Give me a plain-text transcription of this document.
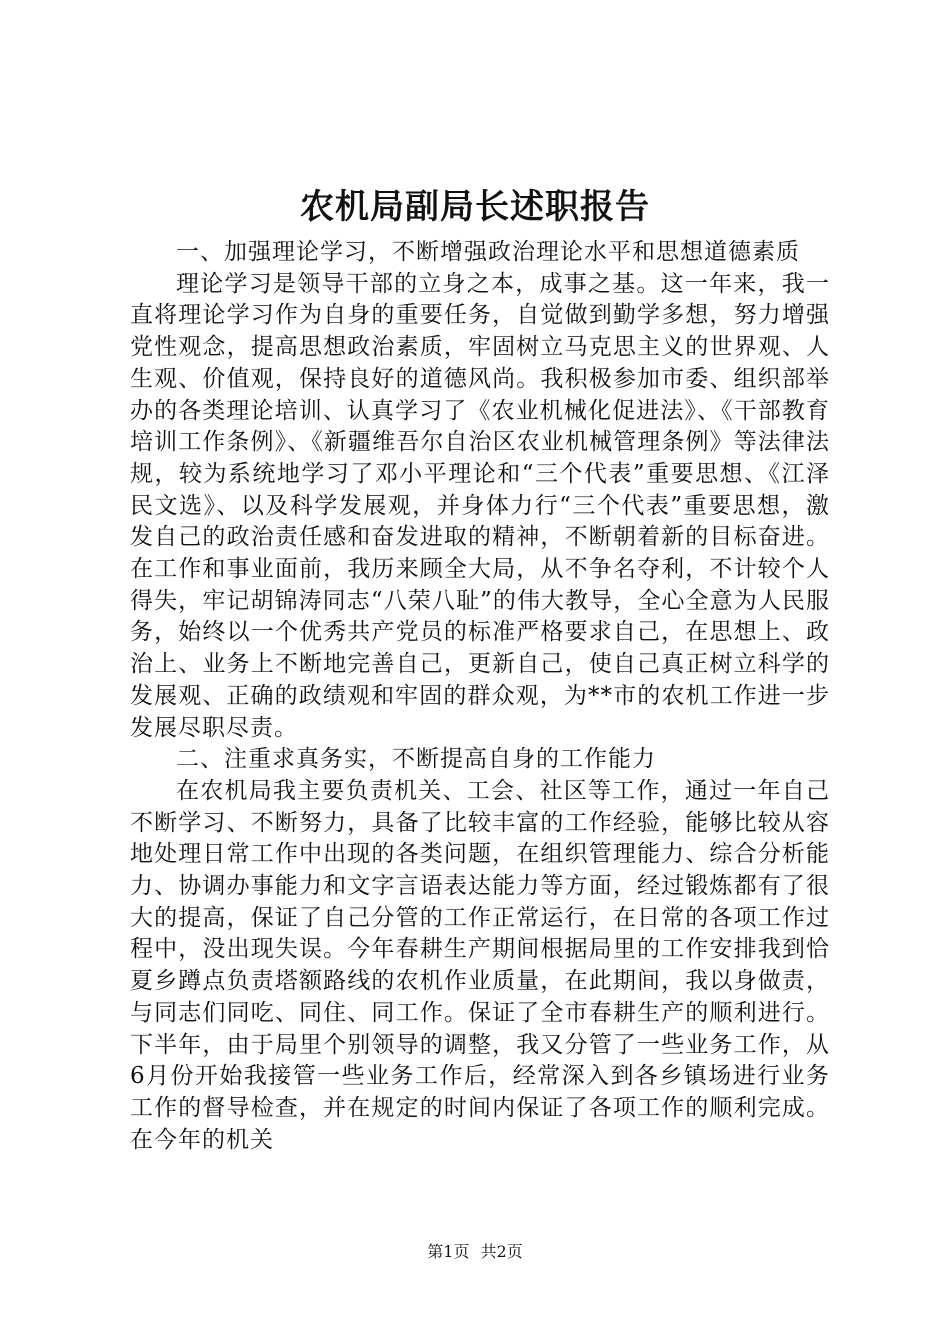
农机局副局长述职报告

一、加强理论学习，不断增强政治理论水平和思想道德素质

理论学习是领导干部的立身之本，成事之基。这一年来，我一直将理论学习作为自身的重要任务，自觉做到勤学多想，努力增强党性观念，提高思想政治素质，牢固树立马克思主义的世界观、人生观、价值观，保持良好的道德风尚。我积极参加市委、组织部举办的各类理论培训、认真学习了《农业机械化促进法》、《干部教育培训工作条例》、《新疆维吾尔自治区农业机械管理条例》等法律法规，较为系统地学习了邓小平理论和“三个代表”重要思想、《江泽民文选》、以及科学发展观，并身体力行“三个代表”重要思想，激发自己的政治责任感和奋发进取的精神，不断朝着新的目标奋进。在工作和事业面前，我历来顾全大局，从不争名夺利，不计较个人得失，牢记胡锦涛同志“八荣八耻”的伟大教导，全心全意为人民服务，始终以一个优秀共产党员的标准严格要求自己，在思想上、政治上、业务上不断地完善自己，更新自己，使自己真正树立科学的发展观、正确的政绩观和牢固的群众观，为**市的农机工作进一步发展尽职尽责。

二、注重求真务实，不断提高自身的工作能力

在农机局我主要负责机关、工会、社区等工作，通过一年自己不断学习、不断努力，具备了比较丰富的工作经验，能够比较从容地处理日常工作中出现的各类问题，在组织管理能力、综合分析能力、协调办事能力和文字言语表达能力等方面，经过锻炼都有了很大的提高，保证了自己分管的工作正常运行，在日常的各项工作过程中，没出现失误。今年春耕生产期间根据局里的工作安排我到恰夏乡蹲点负责塔额路线的农机作业质量，在此期间，我以身做责，与同志们同吃、同住、同工作。保证了全市春耕生产的顺利进行。下半年，由于局里个别领导的调整，我又分管了一些业务工作，从6月份开始我接管一些业务工作后，经常深入到各乡镇场进行业务工作的督导检查，并在规定的时间内保证了各项工作的顺利完成。在今年的机关

第1页 共2页
